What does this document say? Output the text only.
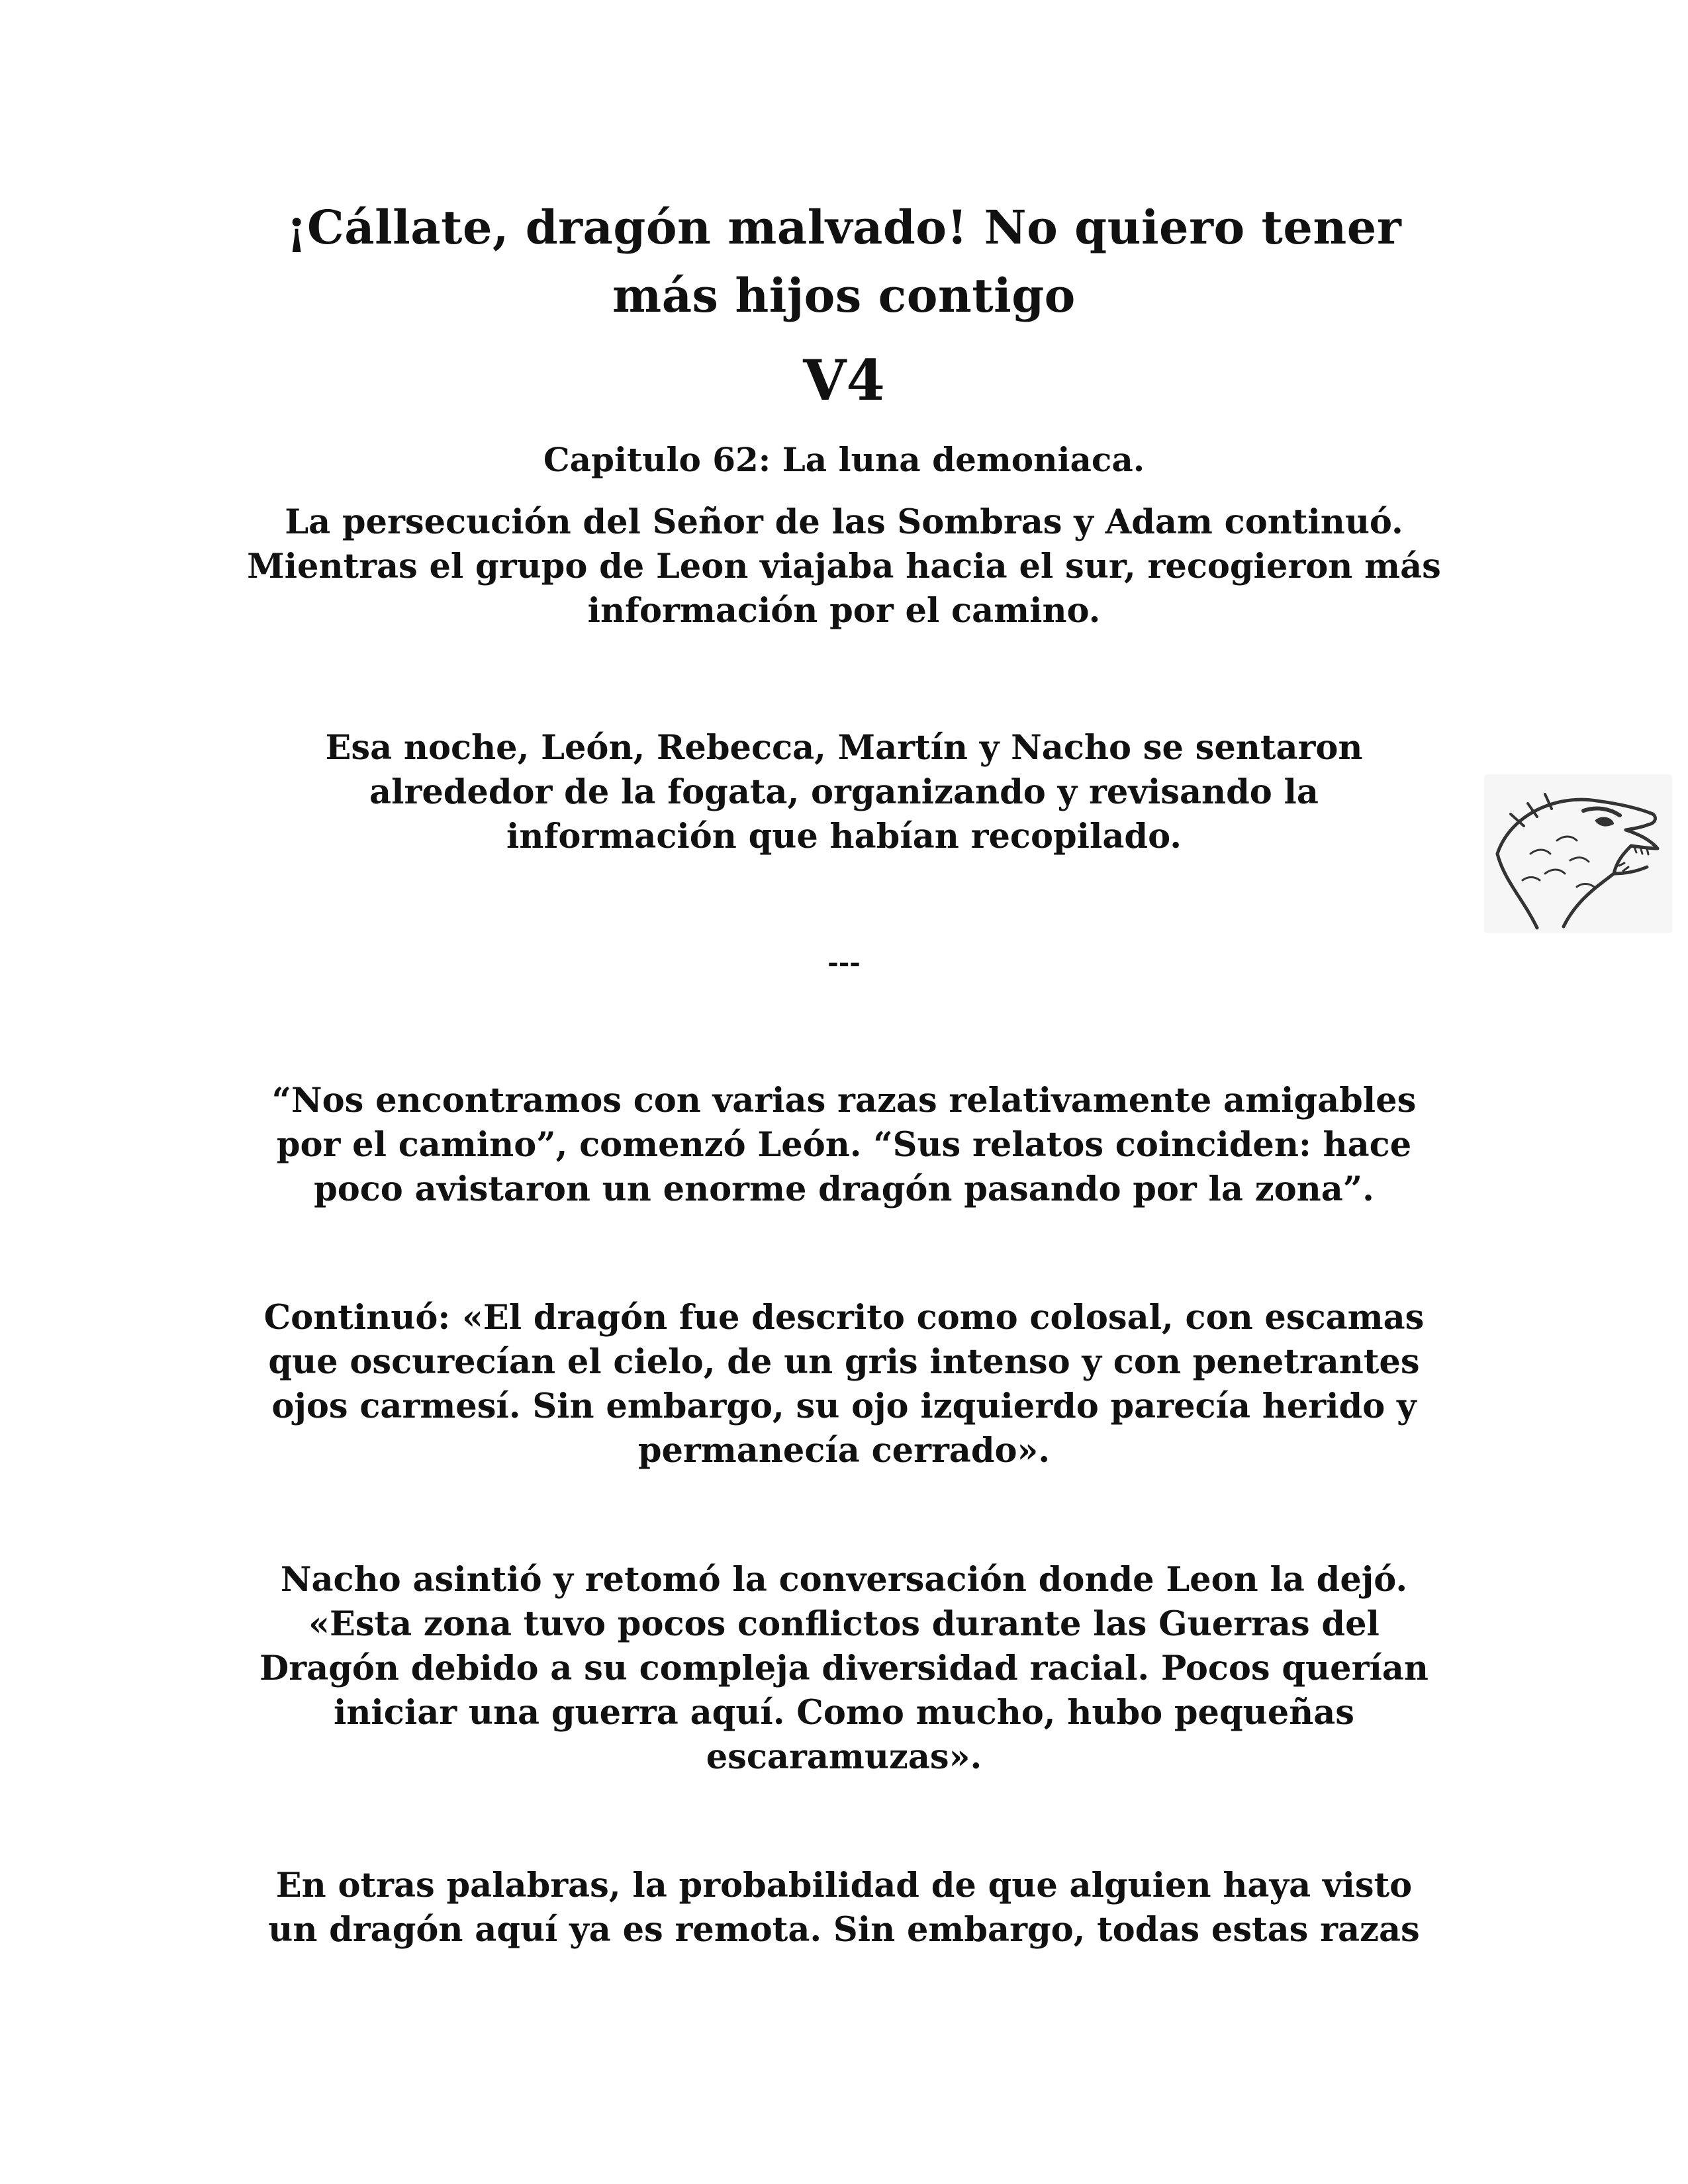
¡Cállate, dragón malvado! No quiero tener
más hijos contigo
V4
Capitulo 62: La luna demoniaca.

La persecución del Señor de las Sombras y Adam continuó.
Mientras el grupo de Leon viajaba hacia el sur, recogieron más
información por el camino.

Esa noche, León, Rebecca, Martín y Nacho se sentaron
alrededor de la fogata, organizando y revisando la
información que habían recopilado.

---

“Nos encontramos con varias razas relativamente amigables
por el camino”, comenzó León. “Sus relatos coinciden: hace
poco avistaron un enorme dragón pasando por la zona”.

Continuó: «El dragón fue descrito como colosal, con escamas
que oscurecían el cielo, de un gris intenso y con penetrantes
ojos carmesí. Sin embargo, su ojo izquierdo parecía herido y
permanecía cerrado».

Nacho asintió y retomó la conversación donde Leon la dejó.
«Esta zona tuvo pocos conflictos durante las Guerras del
Dragón debido a su compleja diversidad racial. Pocos querían
iniciar una guerra aquí. Como mucho, hubo pequeñas
escaramuzas».

En otras palabras, la probabilidad de que alguien haya visto
un dragón aquí ya es remota. Sin embargo, todas estas razas
